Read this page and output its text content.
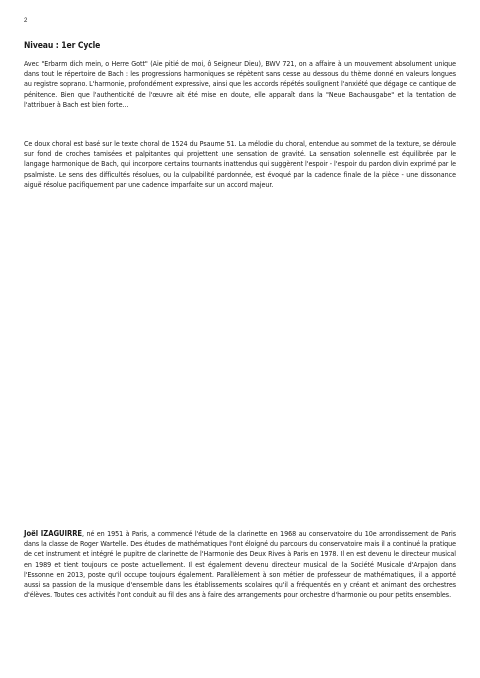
2
Niveau : 1er Cycle

Avec "Erbarm dich mein, o Herre Gott" (Aie pitié de moi, ô Seigneur Dieu), BWV 721, on a affaire à un mouvement absolument unique dans tout le répertoire de Bach : les progressions harmoniques se répètent sans cesse au dessous du thème donné en valeurs longues au registre soprano. L'harmonie, profondément expressive, ainsi que les accords répétés soulignent l'anxiété que dégage ce cantique de pénitence. Bien que l'authenticité de l'œuvre ait été mise en doute, elle apparaît dans la "Neue Bachausgabe" et la tentation de l'attribuer à Bach est bien forte...

Ce doux choral est basé sur le texte choral de 1524 du Psaume 51. La mélodie du choral, entendue au sommet de la texture, se déroule sur fond de croches tamisées et palpitantes qui projettent une sensation de gravité. La sensation solennelle est équilibrée par le langage harmonique de Bach, qui incorpore certains tournants inattendus qui suggèrent l'espoir - l'espoir du pardon divin exprimé par le psalmiste. Le sens des difficultés résolues, ou la culpabilité pardonnée, est évoqué par la cadence finale de la pièce - une dissonance aiguë résolue pacifiquement par une cadence imparfaite sur un accord majeur.

Joël IZAGUIRRE, né en 1951 à Paris, a commencé l'étude de la clarinette en 1968 au conservatoire du 10e arrondissement de Paris dans la classe de Roger Wartelle. Des études de mathématiques l'ont éloigné du parcours du conservatoire mais il a continué la pratique de cet instrument et intégré le pupitre de clarinette de l'Harmonie des Deux Rives à Paris en 1978. Il en est devenu le directeur musical en 1989 et tient toujours ce poste actuellement. Il est également devenu directeur musical de la Société Musicale d'Arpajon dans l'Essonne en 2013, poste qu'il occupe toujours également. Parallèlement à son métier de professeur de mathématiques, il a apporté aussi sa passion de la musique d'ensemble dans les établissements scolaires qu'il a fréquentés en y créant et animant des orchestres d'élèves. Toutes ces activités l'ont conduit au fil des ans à faire des arrangements pour orchestre d'harmonie ou pour petits ensembles.
